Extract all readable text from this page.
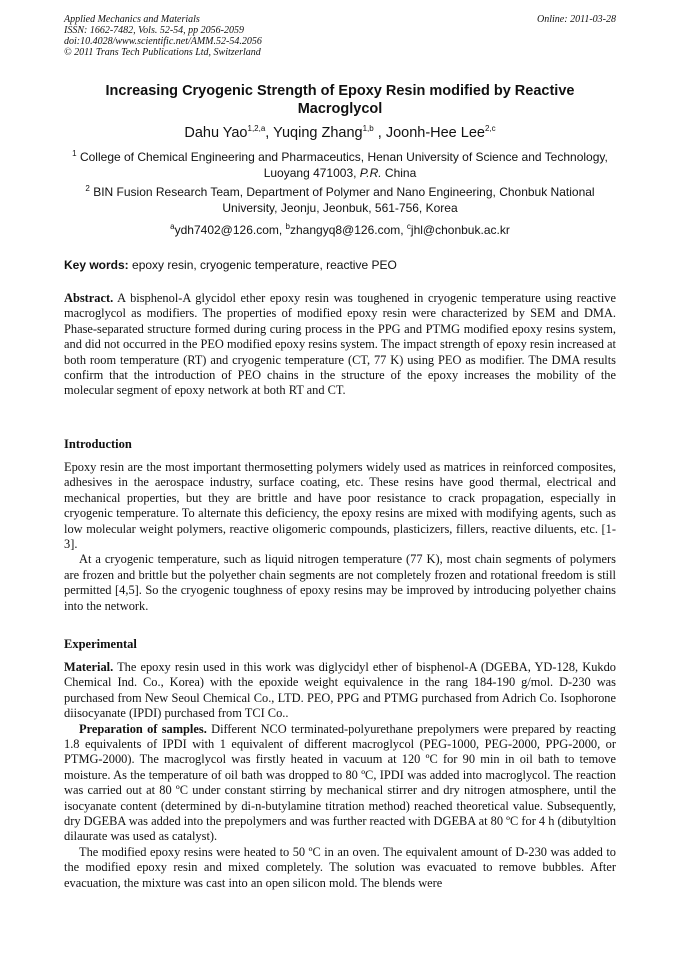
Applied Mechanics and Materials
ISSN: 1662-7482, Vols. 52-54, pp 2056-2059
doi:10.4028/www.scientific.net/AMM.52-54.2056
© 2011 Trans Tech Publications Ltd, Switzerland
Online: 2011-03-28
Increasing Cryogenic Strength of Epoxy Resin modified by Reactive Macroglycol
Dahu Yao$^{1,2,a}$, Yuqing Zhang$^{1,b}$ , Joonh-Hee Lee$^{2,c}$
$^1$ College of Chemical Engineering and Pharmaceutics, Henan University of Science and Technology, Luoyang 471003, P.R. China
$^2$ BIN Fusion Research Team, Department of Polymer and Nano Engineering, Chonbuk National University, Jeonju, Jeonbuk, 561-756, Korea
$^a$ydh7402@126.com, $^b$zhangyq8@126.com, $^c$jhl@chonbuk.ac.kr
Key words: epoxy resin, cryogenic temperature, reactive PEO

Abstract. A bisphenol-A glycidol ether epoxy resin was toughened in cryogenic temperature using reactive macroglycol as modifiers. The properties of modified epoxy resin were characterized by SEM and DMA. Phase-separated structure formed during curing process in the PPG and PTMG modified epoxy resins system, and did not occurred in the PEO modified epoxy resins system. The impact strength of epoxy resin increased at both room temperature (RT) and cryogenic temperature (CT, 77 K) using PEO as modifier. The DMA results confirm that the introduction of PEO chains in the structure of the epoxy increases the mobility of the molecular segment of epoxy network at both RT and CT.

Introduction

Epoxy resin are the most important thermosetting polymers widely used as matrices in reinforced composites, adhesives in the aerospace industry, surface coating, etc. These resins have good thermal, electrical and mechanical properties, but they are brittle and have poor resistance to crack propagation, especially in cryogenic temperature. To alternate this deficiency, the epoxy resins are mixed with modifying agents, such as low molecular weight polymers, reactive oligomeric compounds, plasticizers, fillers, reactive diluents, etc. [1-3].

At a cryogenic temperature, such as liquid nitrogen temperature (77 K), most chain segments of polymers are frozen and brittle but the polyether chain segments are not completely frozen and rotational freedom is still permitted [4,5]. So the cryogenic toughness of epoxy resins may be improved by introducing polyether chains into the network.

Experimental

Material. The epoxy resin used in this work was diglycidyl ether of bisphenol-A (DGEBA, YD-128, Kukdo Chemical Ind. Co., Korea) with the epoxide weight equivalence in the rang 184-190 g/mol. D-230 was purchased from New Seoul Chemical Co., LTD. PEO, PPG and PTMG purchased from Adrich Co. Isophorone diisocyanate (IPDI) purchased from TCI Co..

Preparation of samples. Different NCO terminated-polyurethane prepolymers were prepared by reacting 1.8 equivalents of IPDI with 1 equivalent of different macroglycol (PEG-1000, PEG-2000, PPG-2000, or PTMG-2000). The macroglycol was firstly heated in vacuum at 120 ºC for 90 min in oil bath to temove moisture. As the temperature of oil bath was dropped to 80 ºC, IPDI was added into macroglycol. The reaction was carried out at 80 ºC under constant stirring by mechanical stirrer and dry nitrogen atmosphere, until the isocyanate content (determined by di-n-butylamine titration method) reached theoretical value. Subsequently, dry DGEBA was added into the prepolymers and was further reacted with DGEBA at 80 ºC for 4 h (dibutyltion dilaurate was used as catalyst).

The modified epoxy resins were heated to 50 ºC in an oven. The equivalent amount of D-230 was added to the modified epoxy resin and mixed completely. The solution was evacuated to remove bubbles. After evacuation, the mixture was cast into an open silicon mold. The blends were
